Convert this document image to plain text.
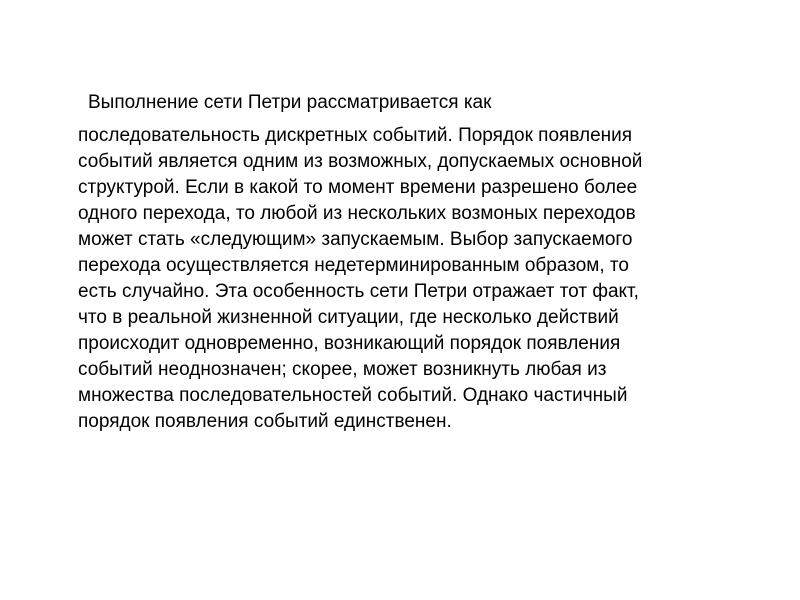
Выполнение сети Петри рассматривается как
последовательность дискретных событий. Порядок появления
событий является одним из возможных, допускаемых основной
структурой. Если в какой то момент времени разрешено более
одного перехода, то любой из нескольких возмоных переходов
может стать «следующим» запускаемым. Выбор запускаемого
перехода осуществляется недетерминированным образом, то
есть случайно. Эта особенность сети Петри отражает тот факт,
что в реальной жизненной ситуации, где несколько действий
происходит одновременно, возникающий порядок появления
событий неоднозначен; скорее, может возникнуть любая из
множества последовательностей событий. Однако частичный
порядок появления событий единственен.
